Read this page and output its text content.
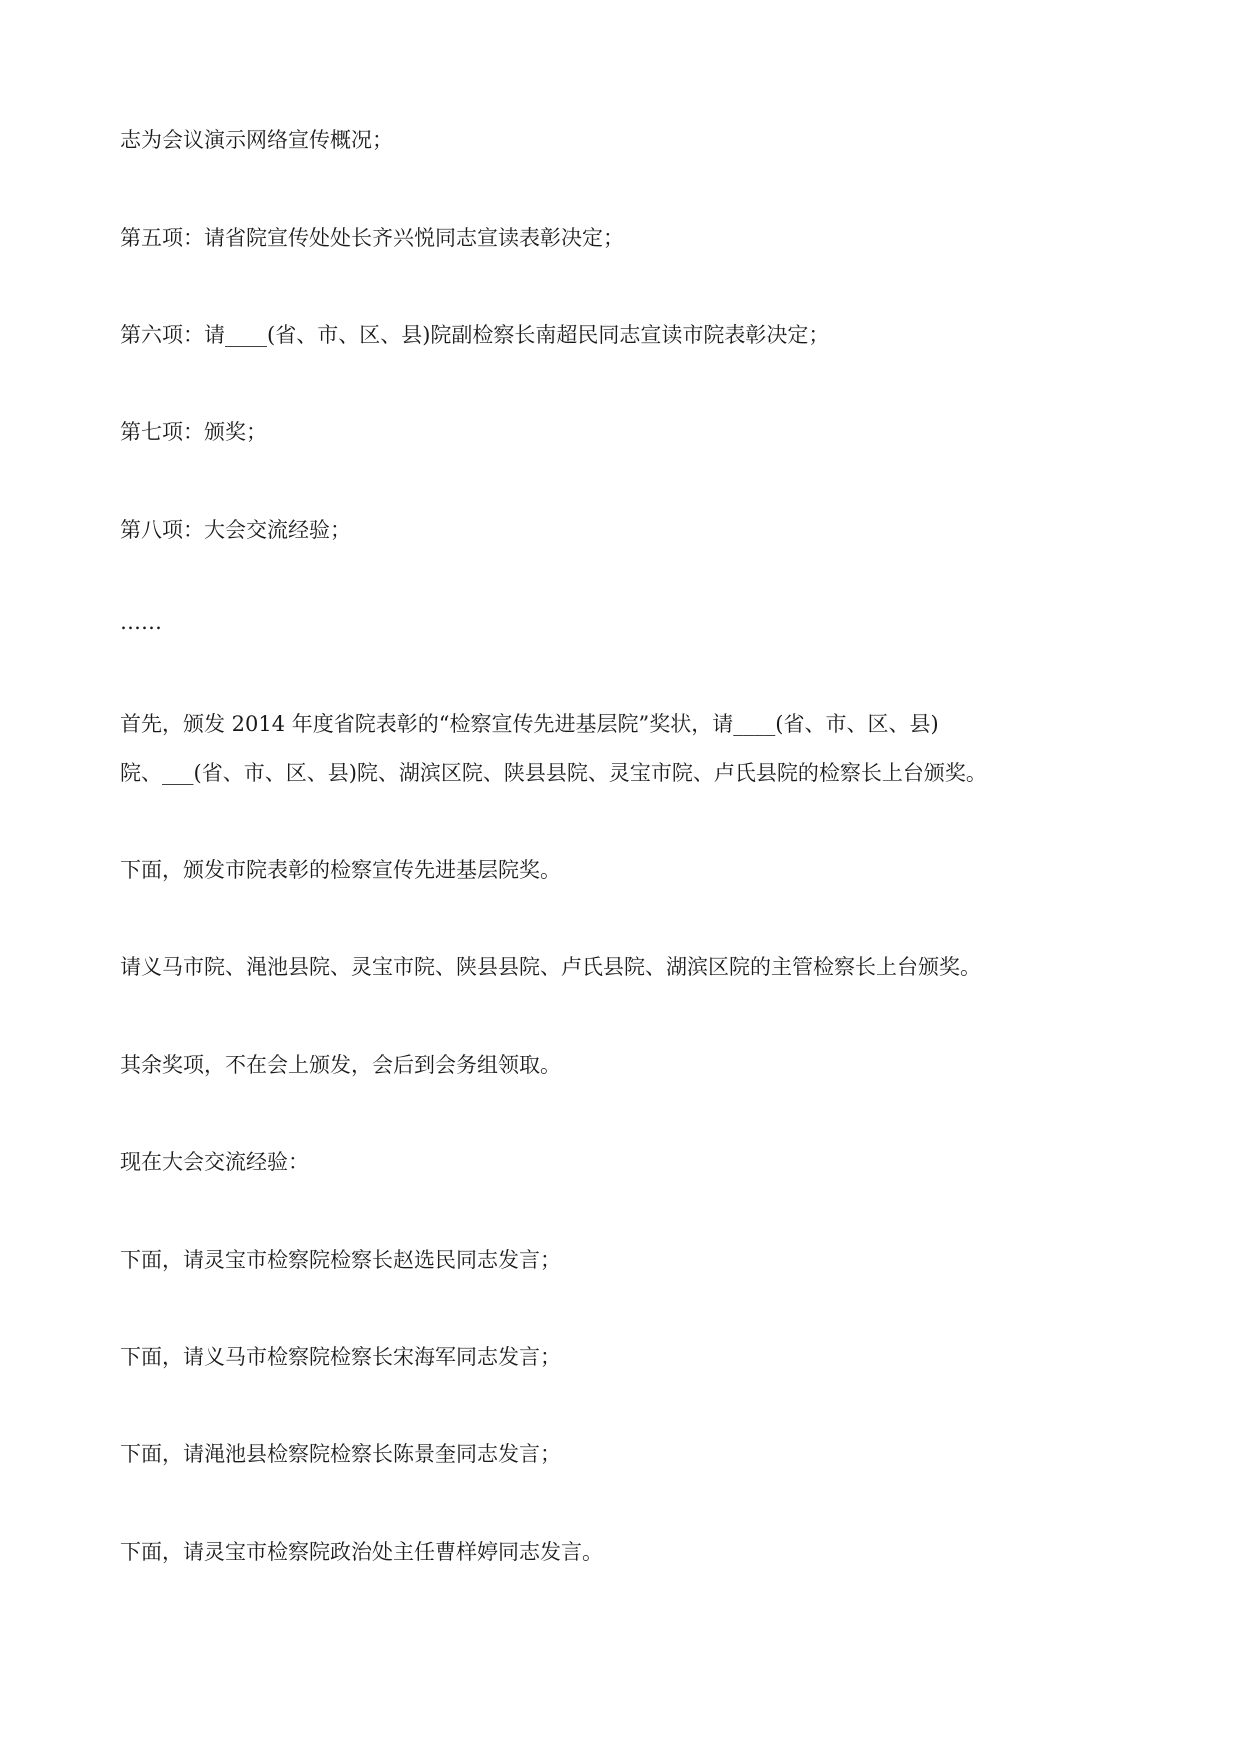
志为会议演示网络宣传概况；

第五项：请省院宣传处处长齐兴悦同志宣读表彰决定；

第六项：请____(省、市、区、县)院副检察长南超民同志宣读市院表彰决定；

第七项：颁奖；

第八项：大会交流经验；

……

首先，颁发 2014 年度省院表彰的“检察宣传先进基层院”奖状，请____(省、市、区、县)

院、___(省、市、区、县)院、湖滨区院、陕县县院、灵宝市院、卢氏县院的检察长上台颁奖。

下面，颁发市院表彰的检察宣传先进基层院奖。

请义马市院、渑池县院、灵宝市院、陕县县院、卢氏县院、湖滨区院的主管检察长上台颁奖。

其余奖项，不在会上颁发，会后到会务组领取。

现在大会交流经验：

下面，请灵宝市检察院检察长赵选民同志发言；

下面，请义马市检察院检察长宋海军同志发言；

下面，请渑池县检察院检察长陈景奎同志发言；

下面，请灵宝市检察院政治处主任曹样婷同志发言。
